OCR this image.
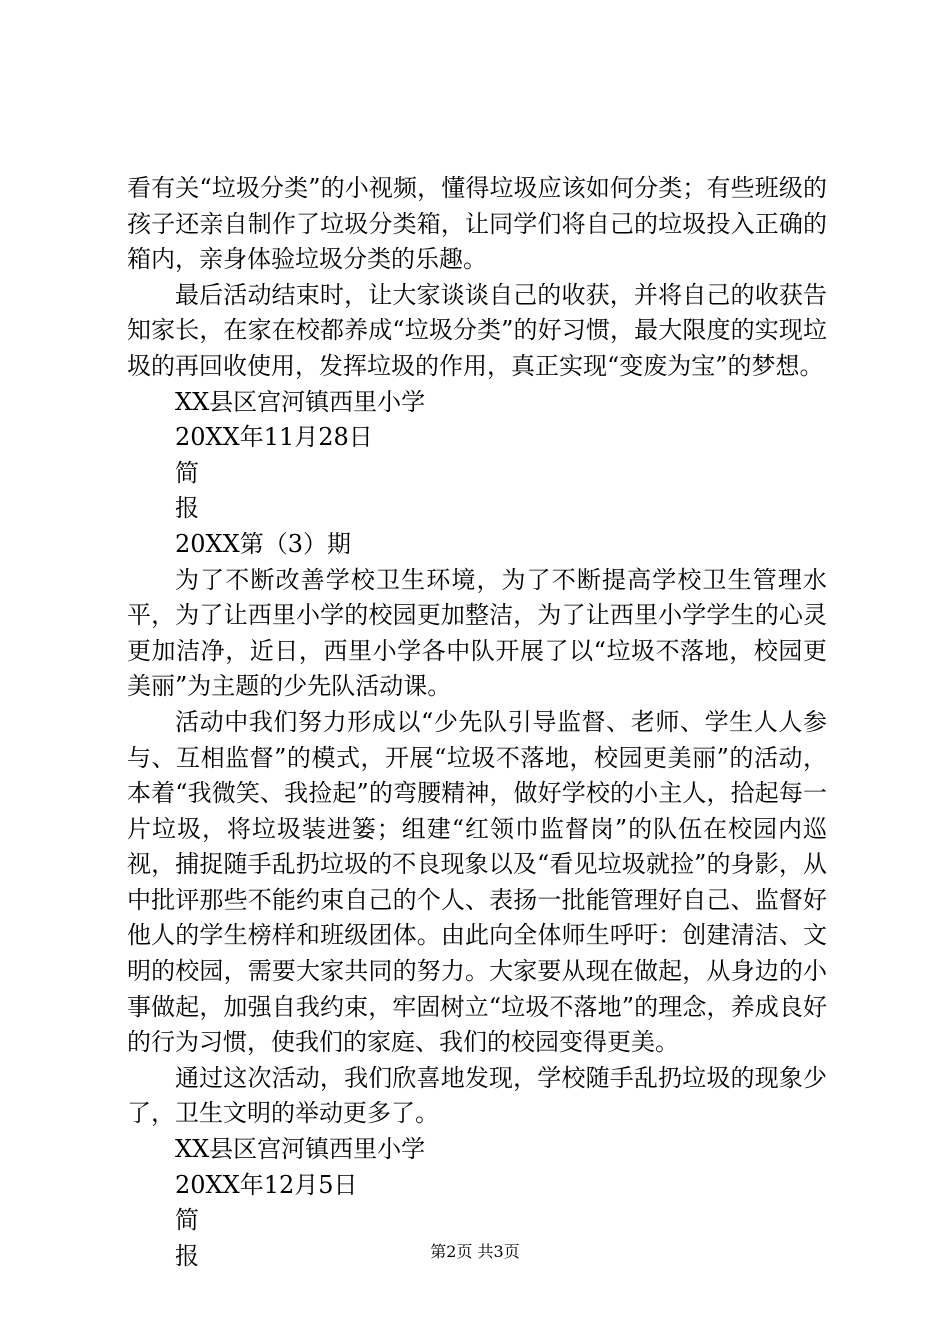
看有关“垃圾分类”的小视频，懂得垃圾应该如何分类；有些班级的孩子还亲自制作了垃圾分类箱，让同学们将自己的垃圾投入正确的箱内，亲身体验垃圾分类的乐趣。

最后活动结束时，让大家谈谈自己的收获，并将自己的收获告知家长，在家在校都养成“垃圾分类”的好习惯，最大限度的实现垃圾的再回收使用，发挥垃圾的作用，真正实现“变废为宝”的梦想。

XX县区宫河镇西里小学

20XX年11月28日

简

报

20XX第（3）期

为了不断改善学校卫生环境，为了不断提高学校卫生管理水平，为了让西里小学的校园更加整洁，为了让西里小学学生的心灵更加洁净，近日，西里小学各中队开展了以“垃圾不落地，校园更美丽”为主题的少先队活动课。

活动中我们努力形成以“少先队引导监督、老师、学生人人参与、互相监督”的模式，开展“垃圾不落地，校园更美丽”的活动，本着“我微笑、我捡起”的弯腰精神，做好学校的小主人，拾起每一片垃圾，将垃圾装进篓；组建“红领巾监督岗”的队伍在校园内巡视，捕捉随手乱扔垃圾的不良现象以及“看见垃圾就捡”的身影，从中批评那些不能约束自己的个人、表扬一批能管理好自己、监督好他人的学生榜样和班级团体。由此向全体师生呼吁：创建清洁、文明的校园，需要大家共同的努力。大家要从现在做起，从身边的小事做起，加强自我约束，牢固树立“垃圾不落地”的理念，养成良好的行为习惯，使我们的家庭、我们的校园变得更美。

通过这次活动，我们欣喜地发现，学校随手乱扔垃圾的现象少了，卫生文明的举动更多了。

XX县区宫河镇西里小学

20XX年12月5日

简

报	第2页 共3页
